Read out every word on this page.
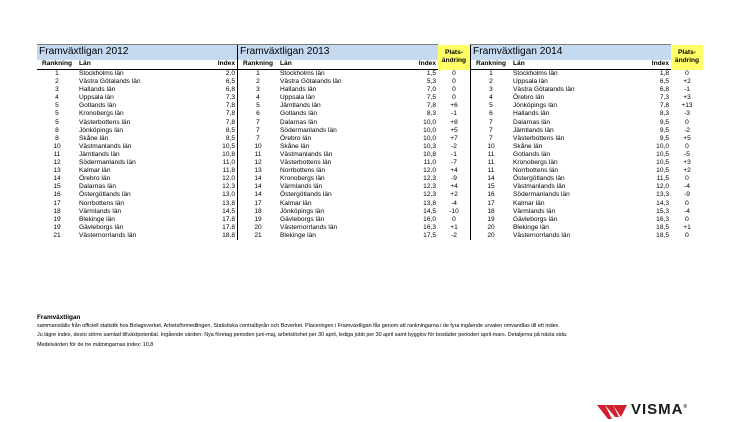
Framväxtligan 2012		
Rankning	Län	Index
1	Stockholms län	2,0
2	Västra Götalands län	6,5
3	Hallands län	6,8
4	Uppsala län	7,3
5	Gotlands län	7,8
5	Kronobergs län	7,8
5	Västerbottens län	7,8
8	Jönköpings län	8,5
8	Skåne län	8,5
10	Västmanlands län	10,5
11	Jämtlands län	10,8
12	Södermanlands län	11,0
13	Kalmar län	11,8
14	Örebro län	12,0
15	Dalarnas län	12,3
16	Östergötlands län	13,0
17	Norrbottens län	13,8
18	Värmlands län	14,5
19	Blekinge län	17,8
19	Gävleborgs län	17,8
21	Västernorrlands län	18,8
Framväxtligan 2013			Plats-
ändring
Rankning	Län	Index	
1	Stockholms län	1,5	0
2	Västra Götalands län	5,3	0
3	Hallands län	7,0	0
4	Uppsala län	7,5	0
5	Jämtlands län	7,8	+6
6	Gotlands län	8,3	-1
7	Dalarnas län	10,0	+8
7	Södermanlands län	10,0	+5
7	Örebro län	10,0	+7
10	Skåne län	10,3	-2
11	Västmanlands län	10,8	-1
12	Västerbottens län	11,0	-7
13	Norrbottens län	12,0	+4
14	Kronobergs län	12,3	-9
14	Värmlands län	12,3	+4
14	Östergötlands län	12,3	+2
17	Kalmar län	13,8	-4
18	Jönköpings län	14,5	-10
19	Gävleborgs län	16,0	0
20	Västernorrlands län	16,3	+1
21	Blekinge län	17,5	-2
Framväxtligan 2014			Plats-
ändring
Rankning	Län	Index	
1	Stockholms län	1,8	0
2	Uppsala län	6,5	+2
3	Västra Götalands län	6,8	-1
4	Örebro län	7,3	+3
5	Jönköpings län	7,8	+13
6	Hallands län	8,3	-3
7	Dalarnas län	9,5	0
7	Jämtlands län	9,5	-2
7	Västerbottens län	9,5	+5
10	Skåne län	10,0	0
11	Gotlands län	10,5	-5
11	Kronobergs län	10,5	+3
11	Norrbottens län	10,5	+2
14	Östergötlands län	11,5	0
15	Västmanlands län	12,0	-4
16	Södermanlands län	13,3	-9
17	Kalmar län	14,3	0
18	Värmlands län	15,3	-4
19	Gävleborgs län	16,3	0
20	Blekinge län	18,5	+1
20	Västernorrlands län	18,5	0
Framväxtligan
sammanställs från officiell statistik hos Bolagsverket, Arbetsförmedlingen, Statistiska centralbyrån och Boverket. Placeringen i Framväxtligan fås genom att rankningarna i de fyra ingående urvalen omvandlas till ett index.
Ju lägre index, desto större samlad tillväxtpotential. Ingående värden: Nya företag perioden juni-maj, arbetslöshet per 30 april, lediga jobb per 30 april samt bygglov för bostäder perioden april-mars. Detaljerna på nästa sida.
Medelvärden för de tre mätningarnas index: 10,8
VISMA®
